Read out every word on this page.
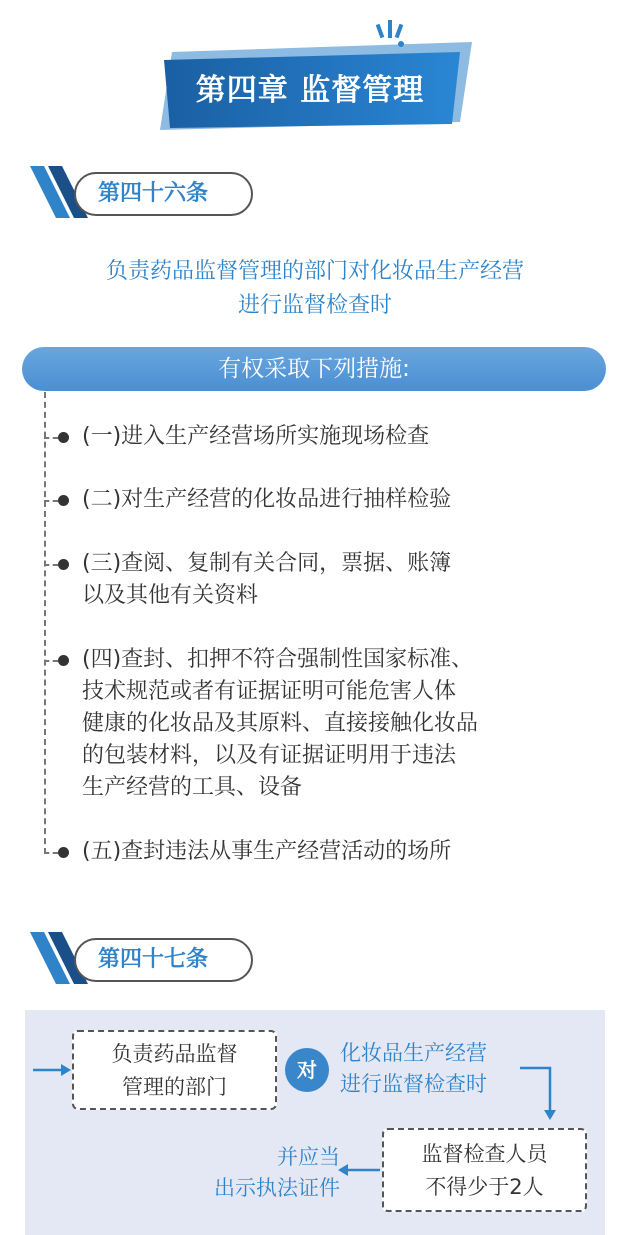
第四章 监督管理
第四十六条
负责药品监督管理的部门对化妆品生产经营
进行监督检查时
有权采取下列措施:
(一)进入生产经营场所实施现场检查
(二)对生产经营的化妆品进行抽样检验
(三)查阅、复制有关合同，票据、账簿
以及其他有关资料
(四)查封、扣押不符合强制性国家标准、
技术规范或者有证据证明可能危害人体
健康的化妆品及其原料、直接接触化妆品
的包装材料，以及有证据证明用于违法
生产经营的工具、设备
(五)查封违法从事生产经营活动的场所
第四十七条
负责药品监督
管理的部门
对
化妆品生产经营
进行监督检查时
监督检查人员
不得少于2人
并应当
出示执法证件
